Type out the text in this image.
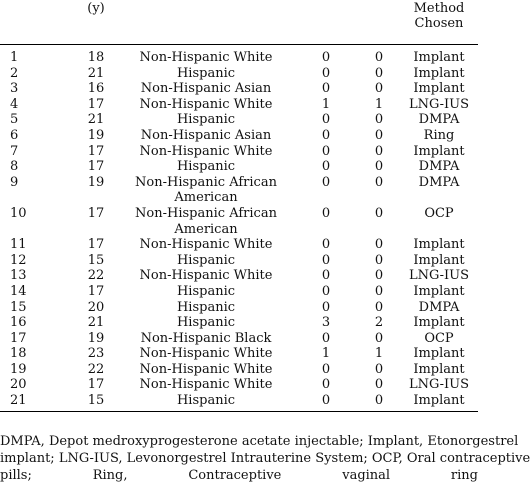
(y)				Method
Chosen

1	18	Non-Hispanic White	0	0	Implant
2	21	Hispanic	0	0	Implant
3	16	Non-Hispanic Asian	0	0	Implant
4	17	Non-Hispanic White	1	1	LNG-IUS
5	21	Hispanic	0	0	DMPA
6	19	Non-Hispanic Asian	0	0	Ring
7	17	Non-Hispanic White	0	0	Implant
8	17	Hispanic	0	0	DMPA
9	19	Non-Hispanic African
American	0	0	DMPA
10	17	Non-Hispanic African
American	0	0	OCP
11	17	Non-Hispanic White	0	0	Implant
12	15	Hispanic	0	0	Implant
13	22	Non-Hispanic White	0	0	LNG-IUS
14	17	Hispanic	0	0	Implant
15	20	Hispanic	0	0	DMPA
16	21	Hispanic	3	2	Implant
17	19	Non-Hispanic Black	0	0	OCP
18	23	Non-Hispanic White	1	1	Implant
19	22	Non-Hispanic White	0	0	Implant
20	17	Non-Hispanic White	0	0	LNG-IUS
21	15	Hispanic	0	0	Implant
DMPA, Depot medroxyprogesterone acetate injectable; Implant, Etonorgestrel
implant; LNG-IUS, Levonorgestrel Intrauterine System; OCP, Oral contraceptive
pills; Ring, Contraceptive vaginal ring
